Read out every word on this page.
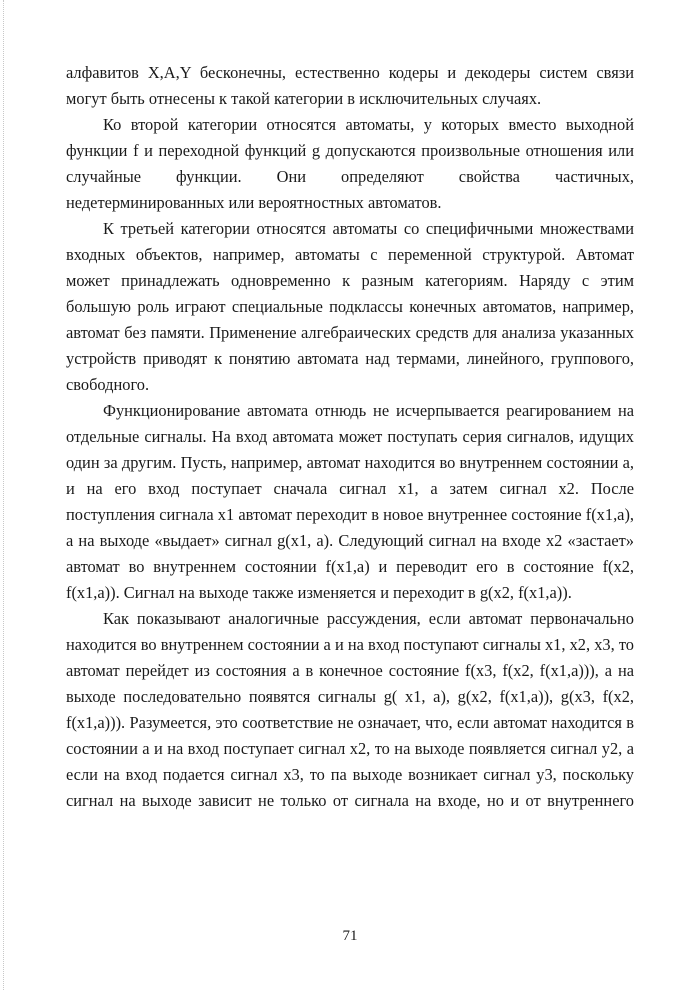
алфавитов X,A,Y бесконечны, естественно кодеры и декодеры систем связи могут быть отнесены к такой категории в исключительных случаях.

Ко второй категории относятся автоматы, у которых вместо выходной функции f и переходной функций g допускаются произвольные отношения или случайные функции. Они определяют свойства частичных, недетерминированных или вероятностных автоматов.

К третьей категории относятся автоматы со специфичными множествами входных объектов, например, автоматы с переменной структурой. Автомат может принадлежать одновременно к разным категориям. Наряду с этим большую роль играют специальные подклассы конечных автоматов, например, автомат без памяти. Применение алгебраических средств для анализа указанных устройств приводят к понятию автомата над термами, линейного, группового, свободного.

Функционирование автомата отнюдь не исчерпывается реагированием на отдельные сигналы. На вход автомата может поступать серия сигналов, идущих один за другим. Пусть, например, автомат находится во внутреннем состоянии a, и на его вход поступает сначала сигнал x1, а затем сигнал x2. После поступления сигнала x1 автомат переходит в новое внутреннее состояние f(x1,a), а на выходе «выдает» сигнал g(x1, a). Следующий сигнал на входе x2 «застает» автомат во внутреннем состоянии f(x1,a) и переводит его в состояние f(x2, f(x1,a)). Сигнал на выходе также изменяется и переходит в g(x2, f(x1,a)).

Как показывают аналогичные рассуждения, если автомат первоначально находится во внутреннем состоянии а и на вход поступают сигналы x1, x2, x3, то автомат перейдет из состояния a в конечное состояние f(x3, f(x2, f(x1,a))), а на выходе последовательно появятся сигналы g( x1, a), g(x2, f(x1,a)), g(x3, f(x2, f(x1,a))). Разумеется, это соответствие не означает, что, если автомат находится в состоянии a и на вход поступает сигнал x2, то на выходе появляется сигнал y2, а если на вход подается сигнал x3, то па выходе возникает сигнал y3, поскольку сигнал на выходе зависит не только от сигнала на входе, но и от внутреннего

71
